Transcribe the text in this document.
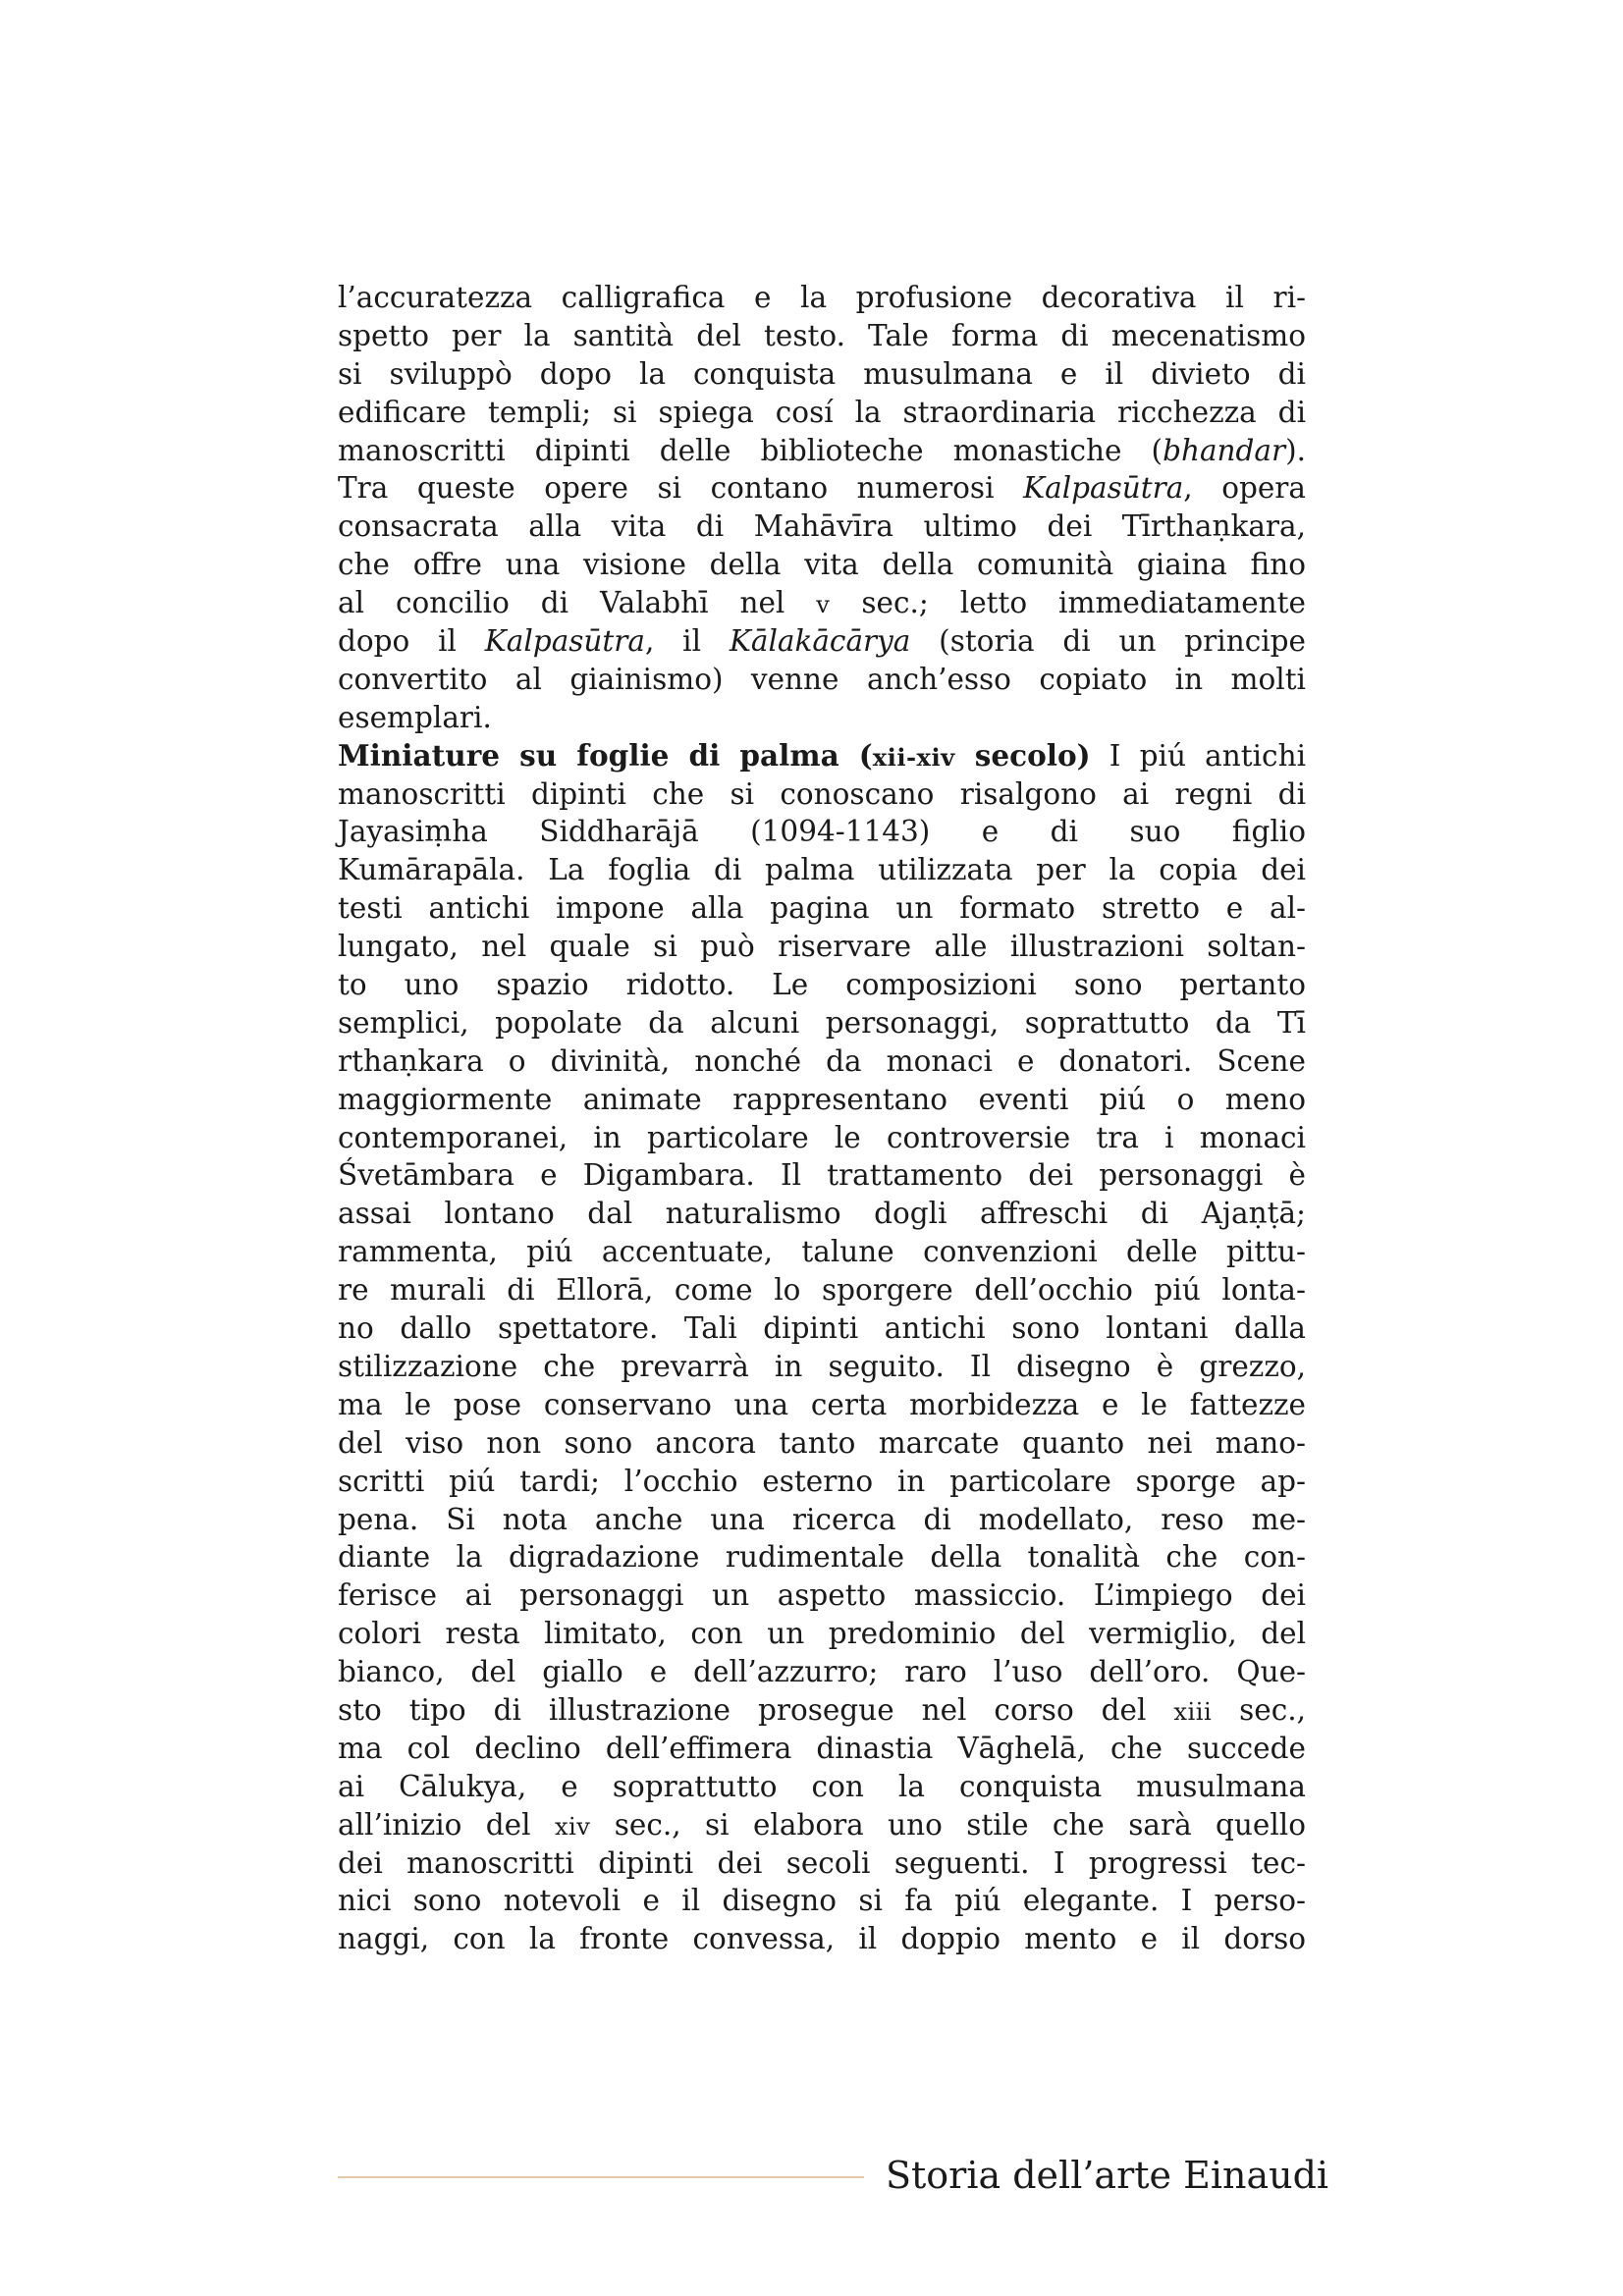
l’accuratezza calligrafica e la profusione decorativa il ri-
spetto per la santità del testo. Tale forma di mecenatismo
si sviluppò dopo la conquista musulmana e il divieto di
edificare templi; si spiega cosí la straordinaria ricchezza di
manoscritti dipinti delle biblioteche monastiche (bhandar).
Tra queste opere si contano numerosi Kalpasūtra, opera
consacrata alla vita di Mahāvīra ultimo dei Tīrthaṇkara,
che offre una visione della vita della comunità giaina fino
al concilio di Valabhī nel v sec.; letto immediatamente
dopo il Kalpasūtra, il Kālakācārya (storia di un principe
convertito al giainismo) venne anch’esso copiato in molti
esemplari.
Miniature su foglie di palma (xii-xiv secolo) I piú antichi
manoscritti dipinti che si conoscano risalgono ai regni di
Jayasiṃha Siddharājā (1094-1143) e di suo figlio
Kumārapāla. La foglia di palma utilizzata per la copia dei
testi antichi impone alla pagina un formato stretto e al-
lungato, nel quale si può riservare alle illustrazioni soltan-
to uno spazio ridotto. Le composizioni sono pertanto
semplici, popolate da alcuni personaggi, soprattutto da Tī
rthaṇkara o divinità, nonché da monaci e donatori. Scene
maggiormente animate rappresentano eventi piú o meno
contemporanei, in particolare le controversie tra i monaci
Śvetāmbara e Digambara. Il trattamento dei personaggi è
assai lontano dal naturalismo dogli affreschi di Ajaṇṭā;
rammenta, piú accentuate, talune convenzioni delle pittu-
re murali di Ellorā, come lo sporgere dell’occhio piú lonta-
no dallo spettatore. Tali dipinti antichi sono lontani dalla
stilizzazione che prevarrà in seguito. Il disegno è grezzo,
ma le pose conservano una certa morbidezza e le fattezze
del viso non sono ancora tanto marcate quanto nei mano-
scritti piú tardi; l’occhio esterno in particolare sporge ap-
pena. Si nota anche una ricerca di modellato, reso me-
diante la digradazione rudimentale della tonalità che con-
ferisce ai personaggi un aspetto massiccio. L’impiego dei
colori resta limitato, con un predominio del vermiglio, del
bianco, del giallo e dell’azzurro; raro l’uso dell’oro. Que-
sto tipo di illustrazione prosegue nel corso del xiii sec.,
ma col declino dell’effimera dinastia Vāghelā, che succede
ai Cālukya, e soprattutto con la conquista musulmana
all’inizio del xiv sec., si elabora uno stile che sarà quello
dei manoscritti dipinti dei secoli seguenti. I progressi tec-
nici sono notevoli e il disegno si fa piú elegante. I perso-
naggi, con la fronte convessa, il doppio mento e il dorso
Storia dell’arte Einaudi
